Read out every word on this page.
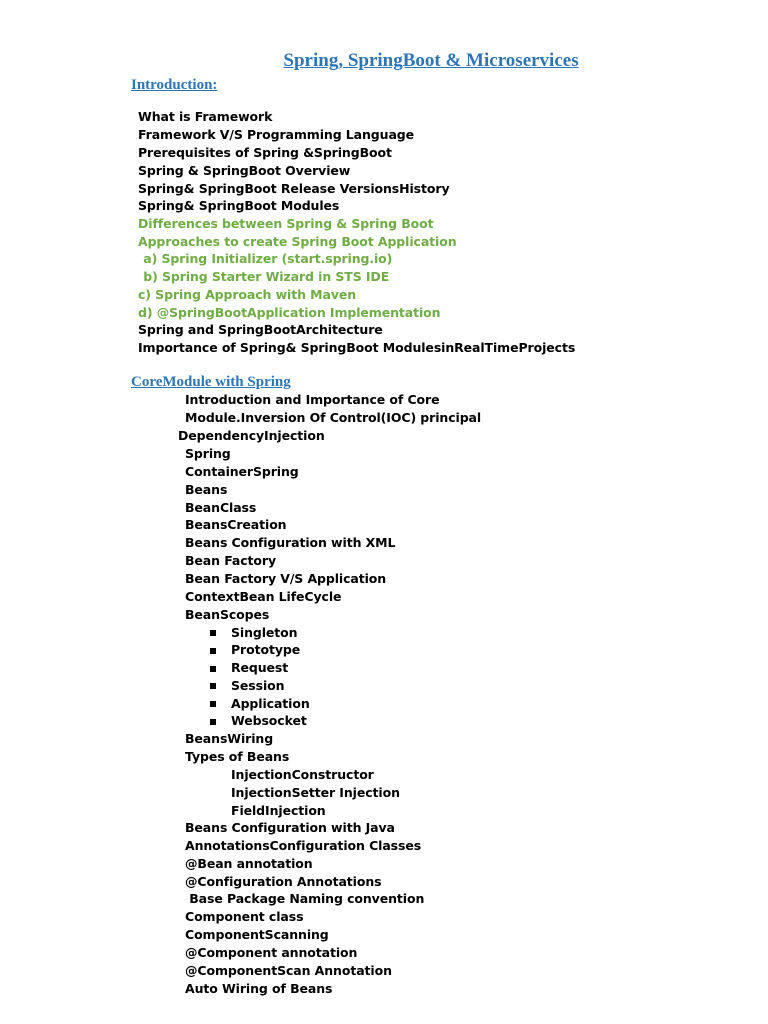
Spring, SpringBoot & Microservices
Introduction:
What is Framework
Framework V/S Programming Language
Prerequisites of Spring &SpringBoot
Spring & SpringBoot Overview
Spring& SpringBoot Release VersionsHistory
Spring& SpringBoot Modules
Differences between Spring & Spring Boot
Approaches to create Spring Boot Application
a) Spring Initializer (start.spring.io)
b) Spring Starter Wizard in STS IDE
c) Spring Approach with Maven
d) @SpringBootApplication Implementation
Spring and SpringBootArchitecture
Importance of Spring& SpringBoot ModulesinRealTimeProjects
CoreModule with Spring
Introduction and Importance of Core
Module.Inversion Of Control(IOC) principal
DependencyInjection
Spring
ContainerSpring
Beans
BeanClass
BeansCreation
Beans Configuration with XML
Bean Factory
Bean Factory V/S Application
ContextBean LifeCycle
BeanScopes
Singleton
Prototype
Request
Session
Application
Websocket
BeansWiring
Types of Beans
InjectionConstructor
InjectionSetter Injection
FieldInjection
Beans Configuration with Java
AnnotationsConfiguration Classes
@Bean annotation
@Configuration Annotations
Base Package Naming convention
Component class
ComponentScanning
@Component annotation
@ComponentScan Annotation
Auto Wiring of Beans
